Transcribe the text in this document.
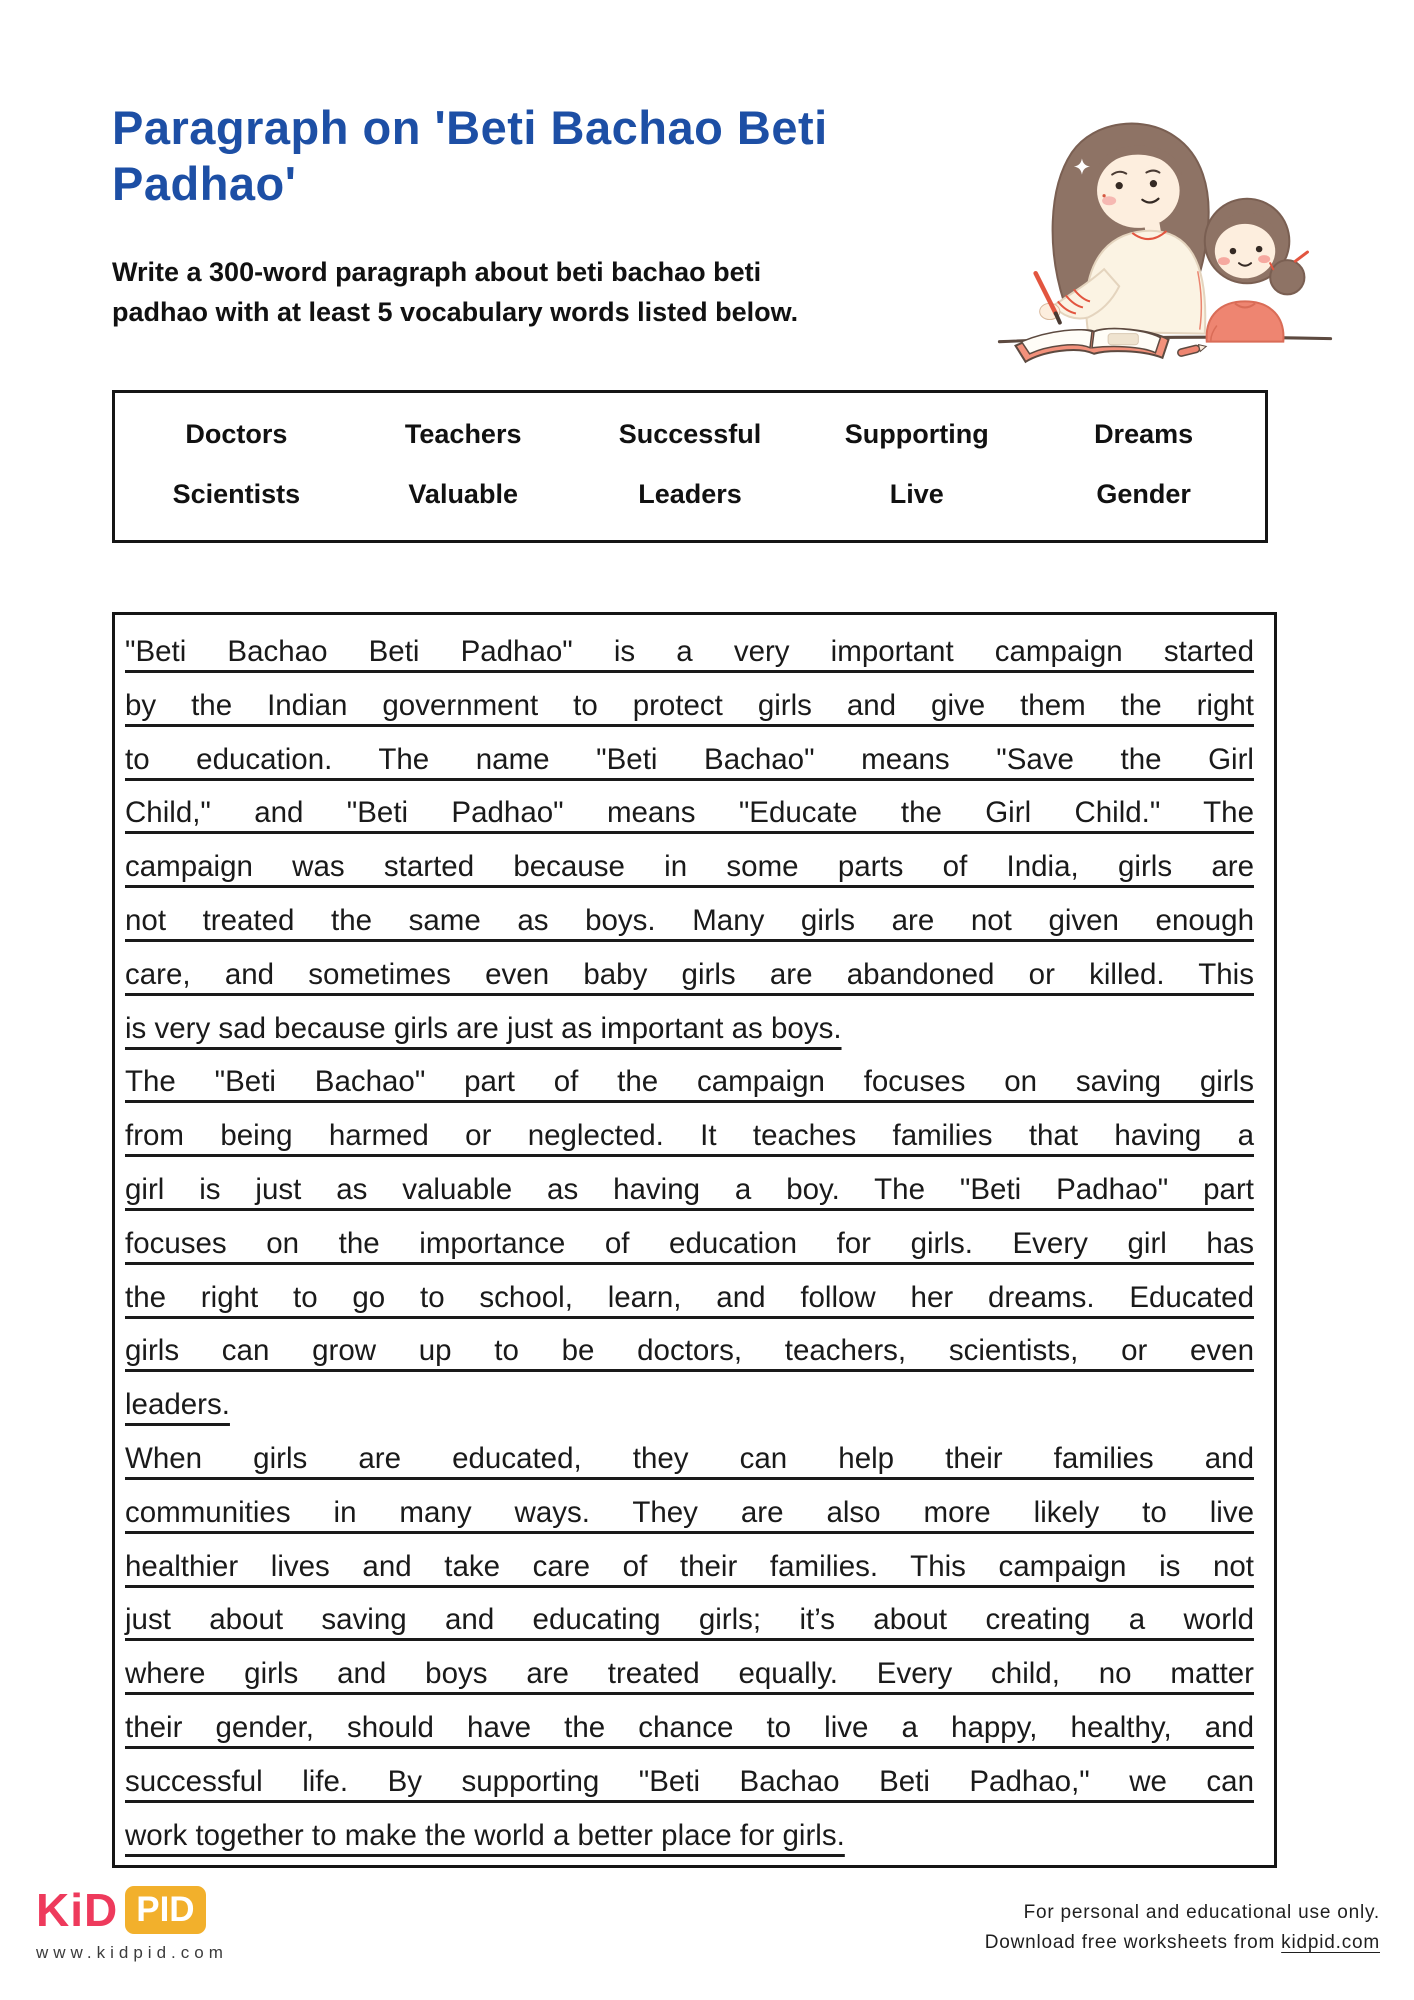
Paragraph on 'Beti Bachao Beti
Padhao'
Write a 300-word paragraph about beti bachao beti
padhao with at least 5 vocabulary words listed below.
Doctors	Teachers	Successful	Supporting	Dreams
Scientists	Valuable	Leaders	Live	Gender
"Beti Bachao Beti Padhao" is a very important campaign started
by the Indian government to protect girls and give them the right
to education. The name "Beti Bachao" means "Save the Girl
Child," and "Beti Padhao" means "Educate the Girl Child." The
campaign was started because in some parts of India, girls are
not treated the same as boys. Many girls are not given enough
care, and sometimes even baby girls are abandoned or killed. This
is very sad because girls are just as important as boys.
The "Beti Bachao" part of the campaign focuses on saving girls
from being harmed or neglected. It teaches families that having a
girl is just as valuable as having a boy. The "Beti Padhao" part
focuses on the importance of education for girls. Every girl has
the right to go to school, learn, and follow her dreams. Educated
girls can grow up to be doctors, teachers, scientists, or even
leaders.
When girls are educated, they can help their families and
communities in many ways. They are also more likely to live
healthier lives and take care of their families. This campaign is not
just about saving and educating girls; it’s about creating a world
where girls and boys are treated equally. Every child, no matter
their gender, should have the chance to live a happy, healthy, and
successful life. By supporting "Beti Bachao Beti Padhao," we can
work together to make the world a better place for girls.
KiD PID
www.kidpid.com
For personal and educational use only.
Download free worksheets from kidpid.com
